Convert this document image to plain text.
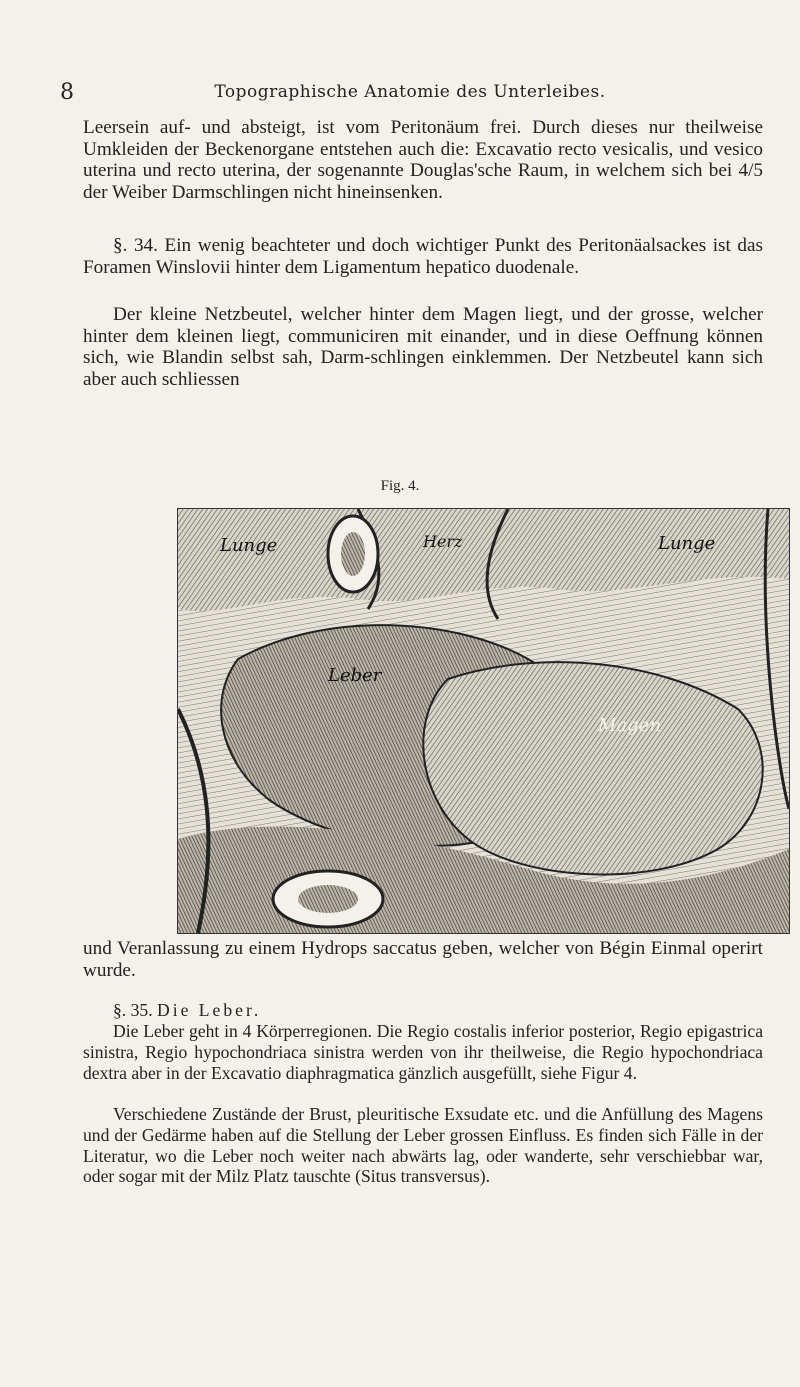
8	Topographische Anatomie des Unterleibes.

Leersein auf- und absteigt, ist vom Peritonäum frei. Durch dieses nur theilweise Umkleiden der Beckenorgane entstehen auch die: Excavatio recto vesicalis, und vesico uterina und recto uterina, der sogenannte Douglas'sche Raum, in welchem sich bei 4/5 der Weiber Darmschlingen nicht hineinsenken.

§. 34. Ein wenig beachteter und doch wichtiger Punkt des Peritonäalsackes ist das Foramen Winslovii hinter dem Ligamentum hepatico duodenale.

Der kleine Netzbeutel, welcher hinter dem Magen liegt, und der grosse, welcher hinter dem kleinen liegt, communiciren mit einander, und in diese Oeffnung können sich, wie Blandin selbst sah, Darm-schlingen einklemmen. Der Netzbeutel kann sich aber auch schliessen

Fig. 4.
Lunge	Herz	Lunge
Leber
Magen

und Veranlassung zu einem Hydrops saccatus geben, welcher von Bégin Einmal operirt wurde.

§. 35. Die Leber.

Die Leber geht in 4 Körperregionen. Die Regio costalis inferior posterior, Regio epigastrica sinistra, Regio hypochondriaca sinistra werden von ihr theilweise, die Regio hypochondriaca dextra aber in der Excavatio diaphragmatica gänzlich ausgefüllt, siehe Figur 4.

Verschiedene Zustände der Brust, pleuritische Exsudate etc. und die Anfüllung des Magens und der Gedärme haben auf die Stellung der Leber grossen Einfluss. Es finden sich Fälle in der Literatur, wo die Leber noch weiter nach abwärts lag, oder wanderte, sehr verschiebbar war, oder sogar mit der Milz Platz tauschte (Situs transversus).
